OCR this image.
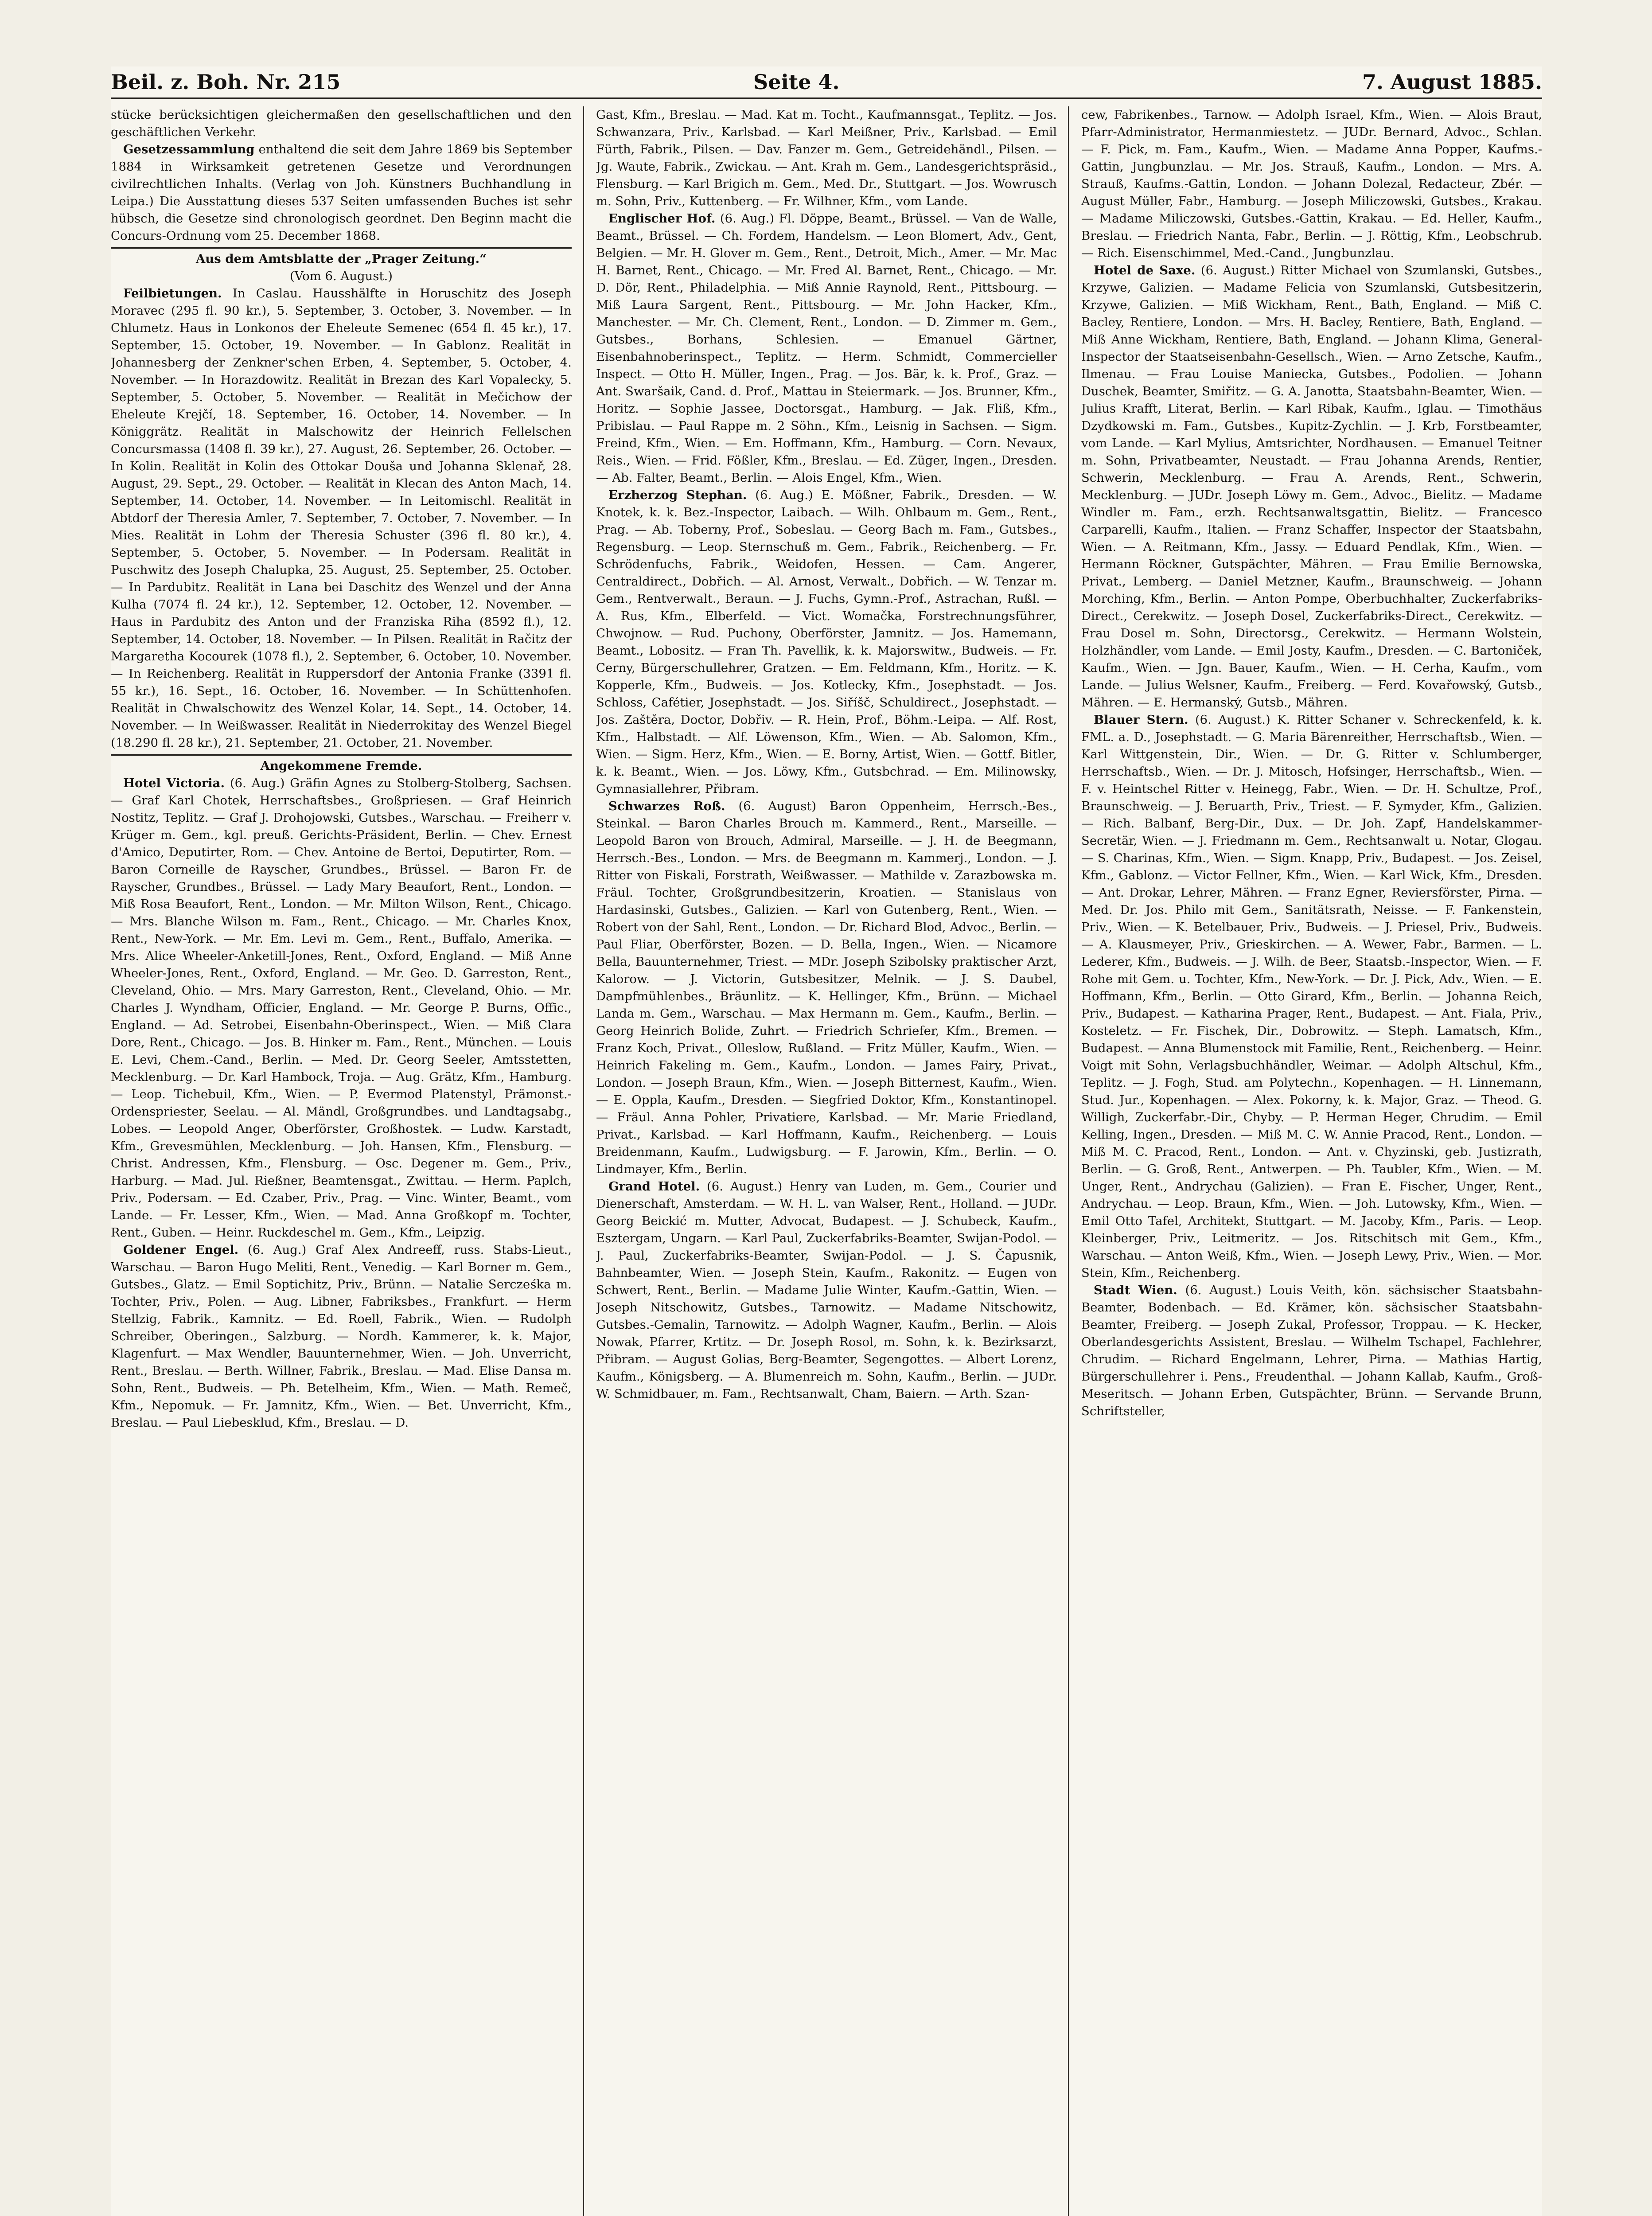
Beil. z. Boh. Nr. 215	Seite 4.	7. August 1885.

stücke berücksichtigen gleichermaßen den gesellschaftlichen und den geschäftlichen Verkehr.

Gesetzessammlung enthaltend die seit dem Jahre 1869 bis September 1884 in Wirksamkeit getretenen Gesetze und Verordnungen civilrechtlichen Inhalts. (Verlag von Joh. Künstners Buchhandlung in Leipa.) Die Ausstattung dieses 537 Seiten umfassenden Buches ist sehr hübsch, die Gesetze sind chronologisch geordnet. Den Beginn macht die Concurs-Ordnung vom 25. December 1868.

Aus dem Amtsblatte der „Prager Zeitung.“

(Vom 6. August.)

Feilbietungen. In Caslau. Hausshälfte in Horuschitz des Joseph Moravec (295 fl. 90 kr.), 5. September, 3. October, 3. November. — In Chlumetz. Haus in Lonkonos der Eheleute Semenec (654 fl. 45 kr.), 17. September, 15. October, 19. November. — In Gablonz. Realität in Johannesberg der Zenkner'schen Erben, 4. September, 5. October, 4. November. — In Horazdowitz. Realität in Brezan des Karl Vopalecky, 5. September, 5. October, 5. November. — Realität in Mečichow der Eheleute Krejčí, 18. September, 16. October, 14. November. — In Königgrätz. Realität in Malschowitz der Heinrich Fellelschen Concursmassa (1408 fl. 39 kr.), 27. August, 26. September, 26. October. — In Kolin. Realität in Kolin des Ottokar Douša und Johanna Sklenař, 28. August, 29. Sept., 29. October. — Realität in Klecan des Anton Mach, 14. September, 14. October, 14. November. — In Leitomischl. Realität in Abtdorf der Theresia Amler, 7. September, 7. October, 7. November. — In Mies. Realität in Lohm der Theresia Schuster (396 fl. 80 kr.), 4. September, 5. October, 5. November. — In Podersam. Realität in Puschwitz des Joseph Chalupka, 25. August, 25. September, 25. October. — In Pardubitz. Realität in Lana bei Daschitz des Wenzel und der Anna Kulha (7074 fl. 24 kr.), 12. September, 12. October, 12. November. — Haus in Pardubitz des Anton und der Franziska Riha (8592 fl.), 12. September, 14. October, 18. November. — In Pilsen. Realität in Račitz der Margaretha Kocourek (1078 fl.), 2. September, 6. October, 10. November. — In Reichenberg. Realität in Ruppersdorf der Antonia Franke (3391 fl. 55 kr.), 16. Sept., 16. October, 16. November. — In Schüttenhofen. Realität in Chwalschowitz des Wenzel Kolar, 14. Sept., 14. October, 14. November. — In Weißwasser. Realität in Niederrokitay des Wenzel Biegel (18.290 fl. 28 kr.), 21. September, 21. October, 21. November.

Angekommene Fremde.

Hotel Victoria. (6. Aug.) Gräfin Agnes zu Stolberg-Stolberg, Sachsen. — Graf Karl Chotek, Herrschaftsbes., Großpriesen. — Graf Heinrich Nostitz, Teplitz. — Graf J. Drohojowski, Gutsbes., Warschau. — Freiherr v. Krüger m. Gem., kgl. preuß. Gerichts-Präsident, Berlin. — Chev. Ernest d'Amico, Deputirter, Rom. — Chev. Antoine de Bertoi, Deputirter, Rom. — Baron Corneille de Rayscher, Grundbes., Brüssel. — Baron Fr. de Rayscher, Grundbes., Brüssel. — Lady Mary Beaufort, Rent., London. — Miß Rosa Beaufort, Rent., London. — Mr. Milton Wilson, Rent., Chicago. — Mrs. Blanche Wilson m. Fam., Rent., Chicago. — Mr. Charles Knox, Rent., New-York. — Mr. Em. Levi m. Gem., Rent., Buffalo, Amerika. — Mrs. Alice Wheeler-Anketill-Jones, Rent., Oxford, England. — Miß Anne Wheeler-Jones, Rent., Oxford, England. — Mr. Geo. D. Garreston, Rent., Cleveland, Ohio. — Mrs. Mary Garreston, Rent., Cleveland, Ohio. — Mr. Charles J. Wyndham, Officier, England. — Mr. George P. Burns, Offic., England. — Ad. Setrobei, Eisenbahn-Oberinspect., Wien. — Miß Clara Dore, Rent., Chicago. — Jos. B. Hinker m. Fam., Rent., München. — Louis E. Levi, Chem.-Cand., Berlin. — Med. Dr. Georg Seeler, Amtsstetten, Mecklenburg. — Dr. Karl Hambock, Troja. — Aug. Grätz, Kfm., Hamburg. — Leop. Tichebuil, Kfm., Wien. — P. Evermod Platenstyl, Prämonst.-Ordenspriester, Seelau. — Al. Mändl, Großgrundbes. und Landtagsabg., Lobes. — Leopold Anger, Oberförster, Großhostek. — Ludw. Karstadt, Kfm., Grevesmühlen, Mecklenburg. — Joh. Hansen, Kfm., Flensburg. — Christ. Andressen, Kfm., Flensburg. — Osc. Degener m. Gem., Priv., Harburg. — Mad. Jul. Rießner, Beamtensgat., Zwittau. — Herm. Paplch, Priv., Podersam. — Ed. Czaber, Priv., Prag. — Vinc. Winter, Beamt., vom Lande. — Fr. Lesser, Kfm., Wien. — Mad. Anna Großkopf m. Tochter, Rent., Guben. — Heinr. Ruckdeschel m. Gem., Kfm., Leipzig.

Goldener Engel. (6. Aug.) Graf Alex Andreeff, russ. Stabs-Lieut., Warschau. — Baron Hugo Meliti, Rent., Venedig. — Karl Borner m. Gem., Gutsbes., Glatz. — Emil Soptichitz, Priv., Brünn. — Natalie Sercześka m. Tochter, Priv., Polen. — Aug. Libner, Fabriksbes., Frankfurt. — Herm Stellzig, Fabrik., Kamnitz. — Ed. Roell, Fabrik., Wien. — Rudolph Schreiber, Oberingen., Salzburg. — Nordh. Kammerer, k. k. Major, Klagenfurt. — Max Wendler, Bauunternehmer, Wien. — Joh. Unverricht, Rent., Breslau. — Berth. Willner, Fabrik., Breslau. — Mad. Elise Dansa m. Sohn, Rent., Budweis. — Ph. Betelheim, Kfm., Wien. — Math. Remeč, Kfm., Nepomuk. — Fr. Jamnitz, Kfm., Wien. — Bet. Unverricht, Kfm., Breslau. — Paul Liebesklud, Kfm., Breslau. — D.

Gast, Kfm., Breslau. — Mad. Kat m. Tocht., Kaufmannsgat., Teplitz. — Jos. Schwanzara, Priv., Karlsbad. — Karl Meißner, Priv., Karlsbad. — Emil Fürth, Fabrik., Pilsen. — Dav. Fanzer m. Gem., Getreidehändl., Pilsen. — Jg. Waute, Fabrik., Zwickau. — Ant. Krah m. Gem., Landesgerichtspräsid., Flensburg. — Karl Brigich m. Gem., Med. Dr., Stuttgart. — Jos. Wowrusch m. Sohn, Priv., Kuttenberg. — Fr. Wilhner, Kfm., vom Lande.

Englischer Hof. (6. Aug.) Fl. Döppe, Beamt., Brüssel. — Van de Walle, Beamt., Brüssel. — Ch. Fordem, Handelsm. — Leon Blomert, Adv., Gent, Belgien. — Mr. H. Glover m. Gem., Rent., Detroit, Mich., Amer. — Mr. Mac H. Barnet, Rent., Chicago. — Mr. Fred Al. Barnet, Rent., Chicago. — Mr. D. Dör, Rent., Philadelphia. — Miß Annie Raynold, Rent., Pittsbourg. — Miß Laura Sargent, Rent., Pittsbourg. — Mr. John Hacker, Kfm., Manchester. — Mr. Ch. Clement, Rent., London. — D. Zimmer m. Gem., Gutsbes., Borhans, Schlesien. — Emanuel Gärtner, Eisenbahnoberinspect., Teplitz. — Herm. Schmidt, Commercieller Inspect. — Otto H. Müller, Ingen., Prag. — Jos. Bär, k. k. Prof., Graz. — Ant. Swaršaik, Cand. d. Prof., Mattau in Steiermark. — Jos. Brunner, Kfm., Horitz. — Sophie Jassee, Doctorsgat., Hamburg. — Jak. Fliß, Kfm., Pribislau. — Paul Rappe m. 2 Söhn., Kfm., Leisnig in Sachsen. — Sigm. Freind, Kfm., Wien. — Em. Hoffmann, Kfm., Hamburg. — Corn. Nevaux, Reis., Wien. — Frid. Fößler, Kfm., Breslau. — Ed. Züger, Ingen., Dresden. — Ab. Falter, Beamt., Berlin. — Alois Engel, Kfm., Wien.

Erzherzog Stephan. (6. Aug.) E. Mößner, Fabrik., Dresden. — W. Knotek, k. k. Bez.-Inspector, Laibach. — Wilh. Ohlbaum m. Gem., Rent., Prag. — Ab. Toberny, Prof., Sobeslau. — Georg Bach m. Fam., Gutsbes., Regensburg. — Leop. Sternschuß m. Gem., Fabrik., Reichenberg. — Fr. Schrödenfuchs, Fabrik., Weidofen, Hessen. — Cam. Angerer, Centraldirect., Dobřich. — Al. Arnost, Verwalt., Dobřich. — W. Tenzar m. Gem., Rentverwalt., Beraun. — J. Fuchs, Gymn.-Prof., Astrachan, Rußl. — A. Rus, Kfm., Elberfeld. — Vict. Womačka, Forstrechnungsführer, Chwojnow. — Rud. Puchony, Oberförster, Jamnitz. — Jos. Hamemann, Beamt., Lobositz. — Fran Th. Pavellik, k. k. Majorswitw., Budweis. — Fr. Cerny, Bürgerschullehrer, Gratzen. — Em. Feldmann, Kfm., Horitz. — K. Kopperle, Kfm., Budweis. — Jos. Kotlecky, Kfm., Josephstadt. — Jos. Schloss, Cafétier, Josephstadt. — Jos. Siříšč, Schuldirect., Josephstadt. — Jos. Zaštěra, Doctor, Dobřiv. — R. Hein, Prof., Böhm.-Leipa. — Alf. Rost, Kfm., Halbstadt. — Alf. Löwenson, Kfm., Wien. — Ab. Salomon, Kfm., Wien. — Sigm. Herz, Kfm., Wien. — E. Borny, Artist, Wien. — Gottf. Bitler, k. k. Beamt., Wien. — Jos. Löwy, Kfm., Gutsbchrad. — Em. Milinowsky, Gymnasiallehrer, Přibram.

Schwarzes Roß. (6. August) Baron Oppenheim, Herrsch.-Bes., Steinkal. — Baron Charles Brouch m. Kammerd., Rent., Marseille. — Leopold Baron von Brouch, Admiral, Marseille. — J. H. de Beegmann, Herrsch.-Bes., London. — Mrs. de Beegmann m. Kammerj., London. — J. Ritter von Fiskali, Forstrath, Weißwasser. — Mathilde v. Zarazbowska m. Fräul. Tochter, Großgrundbesitzerin, Kroatien. — Stanislaus von Hardasinski, Gutsbes., Galizien. — Karl von Gutenberg, Rent., Wien. — Robert von der Sahl, Rent., London. — Dr. Richard Blod, Advoc., Berlin. — Paul Fliar, Oberförster, Bozen. — D. Bella, Ingen., Wien. — Nicamore Bella, Bauunternehmer, Triest. — MDr. Joseph Szibolsky praktischer Arzt, Kalorow. — J. Victorin, Gutsbesitzer, Melnik. — J. S. Daubel, Dampfmühlenbes., Bräunlitz. — K. Hellinger, Kfm., Brünn. — Michael Landa m. Gem., Warschau. — Max Hermann m. Gem., Kaufm., Berlin. — Georg Heinrich Bolide, Zuhrt. — Friedrich Schriefer, Kfm., Bremen. — Franz Koch, Privat., Olleslow, Rußland. — Fritz Müller, Kaufm., Wien. — Heinrich Fakeling m. Gem., Kaufm., London. — James Fairy, Privat., London. — Joseph Braun, Kfm., Wien. — Joseph Bitternest, Kaufm., Wien. — E. Oppla, Kaufm., Dresden. — Siegfried Doktor, Kfm., Konstantinopel. — Fräul. Anna Pohler, Privatiere, Karlsbad. — Mr. Marie Friedland, Privat., Karlsbad. — Karl Hoffmann, Kaufm., Reichenberg. — Louis Breidenmann, Kaufm., Ludwigsburg. — F. Jarowin, Kfm., Berlin. — O. Lindmayer, Kfm., Berlin.

Grand Hotel. (6. August.) Henry van Luden, m. Gem., Courier und Dienerschaft, Amsterdam. — W. H. L. van Walser, Rent., Holland. — JUDr. Georg Beickić m. Mutter, Advocat, Budapest. — J. Schubeck, Kaufm., Esztergam, Ungarn. — Karl Paul, Zuckerfabriks-Beamter, Swijan-Podol. — J. Paul, Zuckerfabriks-Beamter, Swijan-Podol. — J. S. Čapusnik, Bahnbeamter, Wien. — Joseph Stein, Kaufm., Rakonitz. — Eugen von Schwert, Rent., Berlin. — Madame Julie Winter, Kaufm.-Gattin, Wien. — Joseph Nitschowitz, Gutsbes., Tarnowitz. — Madame Nitschowitz, Gutsbes.-Gemalin, Tarnowitz. — Adolph Wagner, Kaufm., Berlin. — Alois Nowak, Pfarrer, Krtitz. — Dr. Joseph Rosol, m. Sohn, k. k. Bezirksarzt, Přibram. — August Golias, Berg-Beamter, Segengottes. — Albert Lorenz, Kaufm., Königsberg. — A. Blumenreich m. Sohn, Kaufm., Berlin. — JUDr. W. Schmidbauer, m. Fam., Rechtsanwalt, Cham, Baiern. — Arth. Szan-

cew, Fabrikenbes., Tarnow. — Adolph Israel, Kfm., Wien. — Alois Braut, Pfarr-Administrator, Hermanmiestetz. — JUDr. Bernard, Advoc., Schlan. — F. Pick, m. Fam., Kaufm., Wien. — Madame Anna Popper, Kaufms.-Gattin, Jungbunzlau. — Mr. Jos. Strauß, Kaufm., London. — Mrs. A. Strauß, Kaufms.-Gattin, London. — Johann Dolezal, Redacteur, Zbér. — August Müller, Fabr., Hamburg. — Joseph Miliczowski, Gutsbes., Krakau. — Madame Miliczowski, Gutsbes.-Gattin, Krakau. — Ed. Heller, Kaufm., Breslau. — Friedrich Nanta, Fabr., Berlin. — J. Röttig, Kfm., Leobschrub. — Rich. Eisenschimmel, Med.-Cand., Jungbunzlau.

Hotel de Saxe. (6. August.) Ritter Michael von Szumlanski, Gutsbes., Krzywe, Galizien. — Madame Felicia von Szumlanski, Gutsbesitzerin, Krzywe, Galizien. — Miß Wickham, Rent., Bath, England. — Miß C. Bacley, Rentiere, London. — Mrs. H. Bacley, Rentiere, Bath, England. — Miß Anne Wickham, Rentiere, Bath, England. — Johann Klima, General-Inspector der Staatseisenbahn-Gesellsch., Wien. — Arno Zetsche, Kaufm., Ilmenau. — Frau Louise Maniecka, Gutsbes., Podolien. — Johann Duschek, Beamter, Smiřitz. — G. A. Janotta, Staatsbahn-Beamter, Wien. — Julius Krafft, Literat, Berlin. — Karl Ribak, Kaufm., Iglau. — Timothäus Dzydkowski m. Fam., Gutsbes., Kupitz-Zychlin. — J. Krb, Forstbeamter, vom Lande. — Karl Mylius, Amtsrichter, Nordhausen. — Emanuel Teitner m. Sohn, Privatbeamter, Neustadt. — Frau Johanna Arends, Rentier, Schwerin, Mecklenburg. — Frau A. Arends, Rent., Schwerin, Mecklenburg. — JUDr. Joseph Löwy m. Gem., Advoc., Bielitz. — Madame Windler m. Fam., erzh. Rechtsanwaltsgattin, Bielitz. — Francesco Carparelli, Kaufm., Italien. — Franz Schaffer, Inspector der Staatsbahn, Wien. — A. Reitmann, Kfm., Jassy. — Eduard Pendlak, Kfm., Wien. — Hermann Röckner, Gutspächter, Mähren. — Frau Emilie Bernowska, Privat., Lemberg. — Daniel Metzner, Kaufm., Braunschweig. — Johann Morching, Kfm., Berlin. — Anton Pompe, Oberbuchhalter, Zuckerfabriks-Direct., Cerekwitz. — Joseph Dosel, Zuckerfabriks-Direct., Cerekwitz. — Frau Dosel m. Sohn, Directorsg., Cerekwitz. — Hermann Wolstein, Holzhändler, vom Lande. — Emil Josty, Kaufm., Dresden. — C. Bartoniček, Kaufm., Wien. — Jgn. Bauer, Kaufm., Wien. — H. Cerha, Kaufm., vom Lande. — Julius Welsner, Kaufm., Freiberg. — Ferd. Kovařowský, Gutsb., Mähren. — E. Hermanský, Gutsb., Mähren.

Blauer Stern. (6. August.) K. Ritter Schaner v. Schreckenfeld, k. k. FML. a. D., Josephstadt. — G. Maria Bärenreither, Herrschaftsb., Wien. — Karl Wittgenstein, Dir., Wien. — Dr. G. Ritter v. Schlumberger, Herrschaftsb., Wien. — Dr. J. Mitosch, Hofsinger, Herrschaftsb., Wien. — F. v. Heintschel Ritter v. Heinegg, Fabr., Wien. — Dr. H. Schultze, Prof., Braunschweig. — J. Beruarth, Priv., Triest. — F. Symyder, Kfm., Galizien. — Rich. Balbanf, Berg-Dir., Dux. — Dr. Joh. Zapf, Handelskammer-Secretär, Wien. — J. Friedmann m. Gem., Rechtsanwalt u. Notar, Glogau. — S. Charinas, Kfm., Wien. — Sigm. Knapp, Priv., Budapest. — Jos. Zeisel, Kfm., Gablonz. — Victor Fellner, Kfm., Wien. — Karl Wick, Kfm., Dresden. — Ant. Drokar, Lehrer, Mähren. — Franz Egner, Reviersförster, Pirna. — Med. Dr. Jos. Philo mit Gem., Sanitätsrath, Neisse. — F. Fankenstein, Priv., Wien. — K. Betelbauer, Priv., Budweis. — J. Priesel, Priv., Budweis. — A. Klausmeyer, Priv., Grieskirchen. — A. Wewer, Fabr., Barmen. — L. Lederer, Kfm., Budweis. — J. Wilh. de Beer, Staatsb.-Inspector, Wien. — F. Rohe mit Gem. u. Tochter, Kfm., New-York. — Dr. J. Pick, Adv., Wien. — E. Hoffmann, Kfm., Berlin. — Otto Girard, Kfm., Berlin. — Johanna Reich, Priv., Budapest. — Katharina Prager, Rent., Budapest. — Ant. Fiala, Priv., Kosteletz. — Fr. Fischek, Dir., Dobrowitz. — Steph. Lamatsch, Kfm., Budapest. — Anna Blumenstock mit Familie, Rent., Reichenberg. — Heinr. Voigt mit Sohn, Verlagsbuchhändler, Weimar. — Adolph Altschul, Kfm., Teplitz. — J. Fogh, Stud. am Polytechn., Kopenhagen. — H. Linnemann, Stud. Jur., Kopenhagen. — Alex. Pokorny, k. k. Major, Graz. — Theod. G. Willigh, Zuckerfabr.-Dir., Chyby. — P. Herman Heger, Chrudim. — Emil Kelling, Ingen., Dresden. — Miß M. C. W. Annie Pracod, Rent., London. — Miß M. C. Pracod, Rent., London. — Ant. v. Chyzinski, geb. Justizrath, Berlin. — G. Groß, Rent., Antwerpen. — Ph. Taubler, Kfm., Wien. — M. Unger, Rent., Andrychau (Galizien). — Fran E. Fischer, Unger, Rent., Andrychau. — Leop. Braun, Kfm., Wien. — Joh. Lutowsky, Kfm., Wien. — Emil Otto Tafel, Architekt, Stuttgart. — M. Jacoby, Kfm., Paris. — Leop. Kleinberger, Priv., Leitmeritz. — Jos. Ritschitsch mit Gem., Kfm., Warschau. — Anton Weiß, Kfm., Wien. — Joseph Lewy, Priv., Wien. — Mor. Stein, Kfm., Reichenberg.

Stadt Wien. (6. August.) Louis Veith, kön. sächsischer Staatsbahn-Beamter, Bodenbach. — Ed. Krämer, kön. sächsischer Staatsbahn-Beamter, Freiberg. — Joseph Zukal, Professor, Troppau. — K. Hecker, Oberlandesgerichts Assistent, Breslau. — Wilhelm Tschapel, Fachlehrer, Chrudim. — Richard Engelmann, Lehrer, Pirna. — Mathias Hartig, Bürgerschullehrer i. Pens., Freudenthal. — Johann Kallab, Kaufm., Groß-Meseritsch. — Johann Erben, Gutspächter, Brünn. — Servande Brunn, Schriftsteller,
